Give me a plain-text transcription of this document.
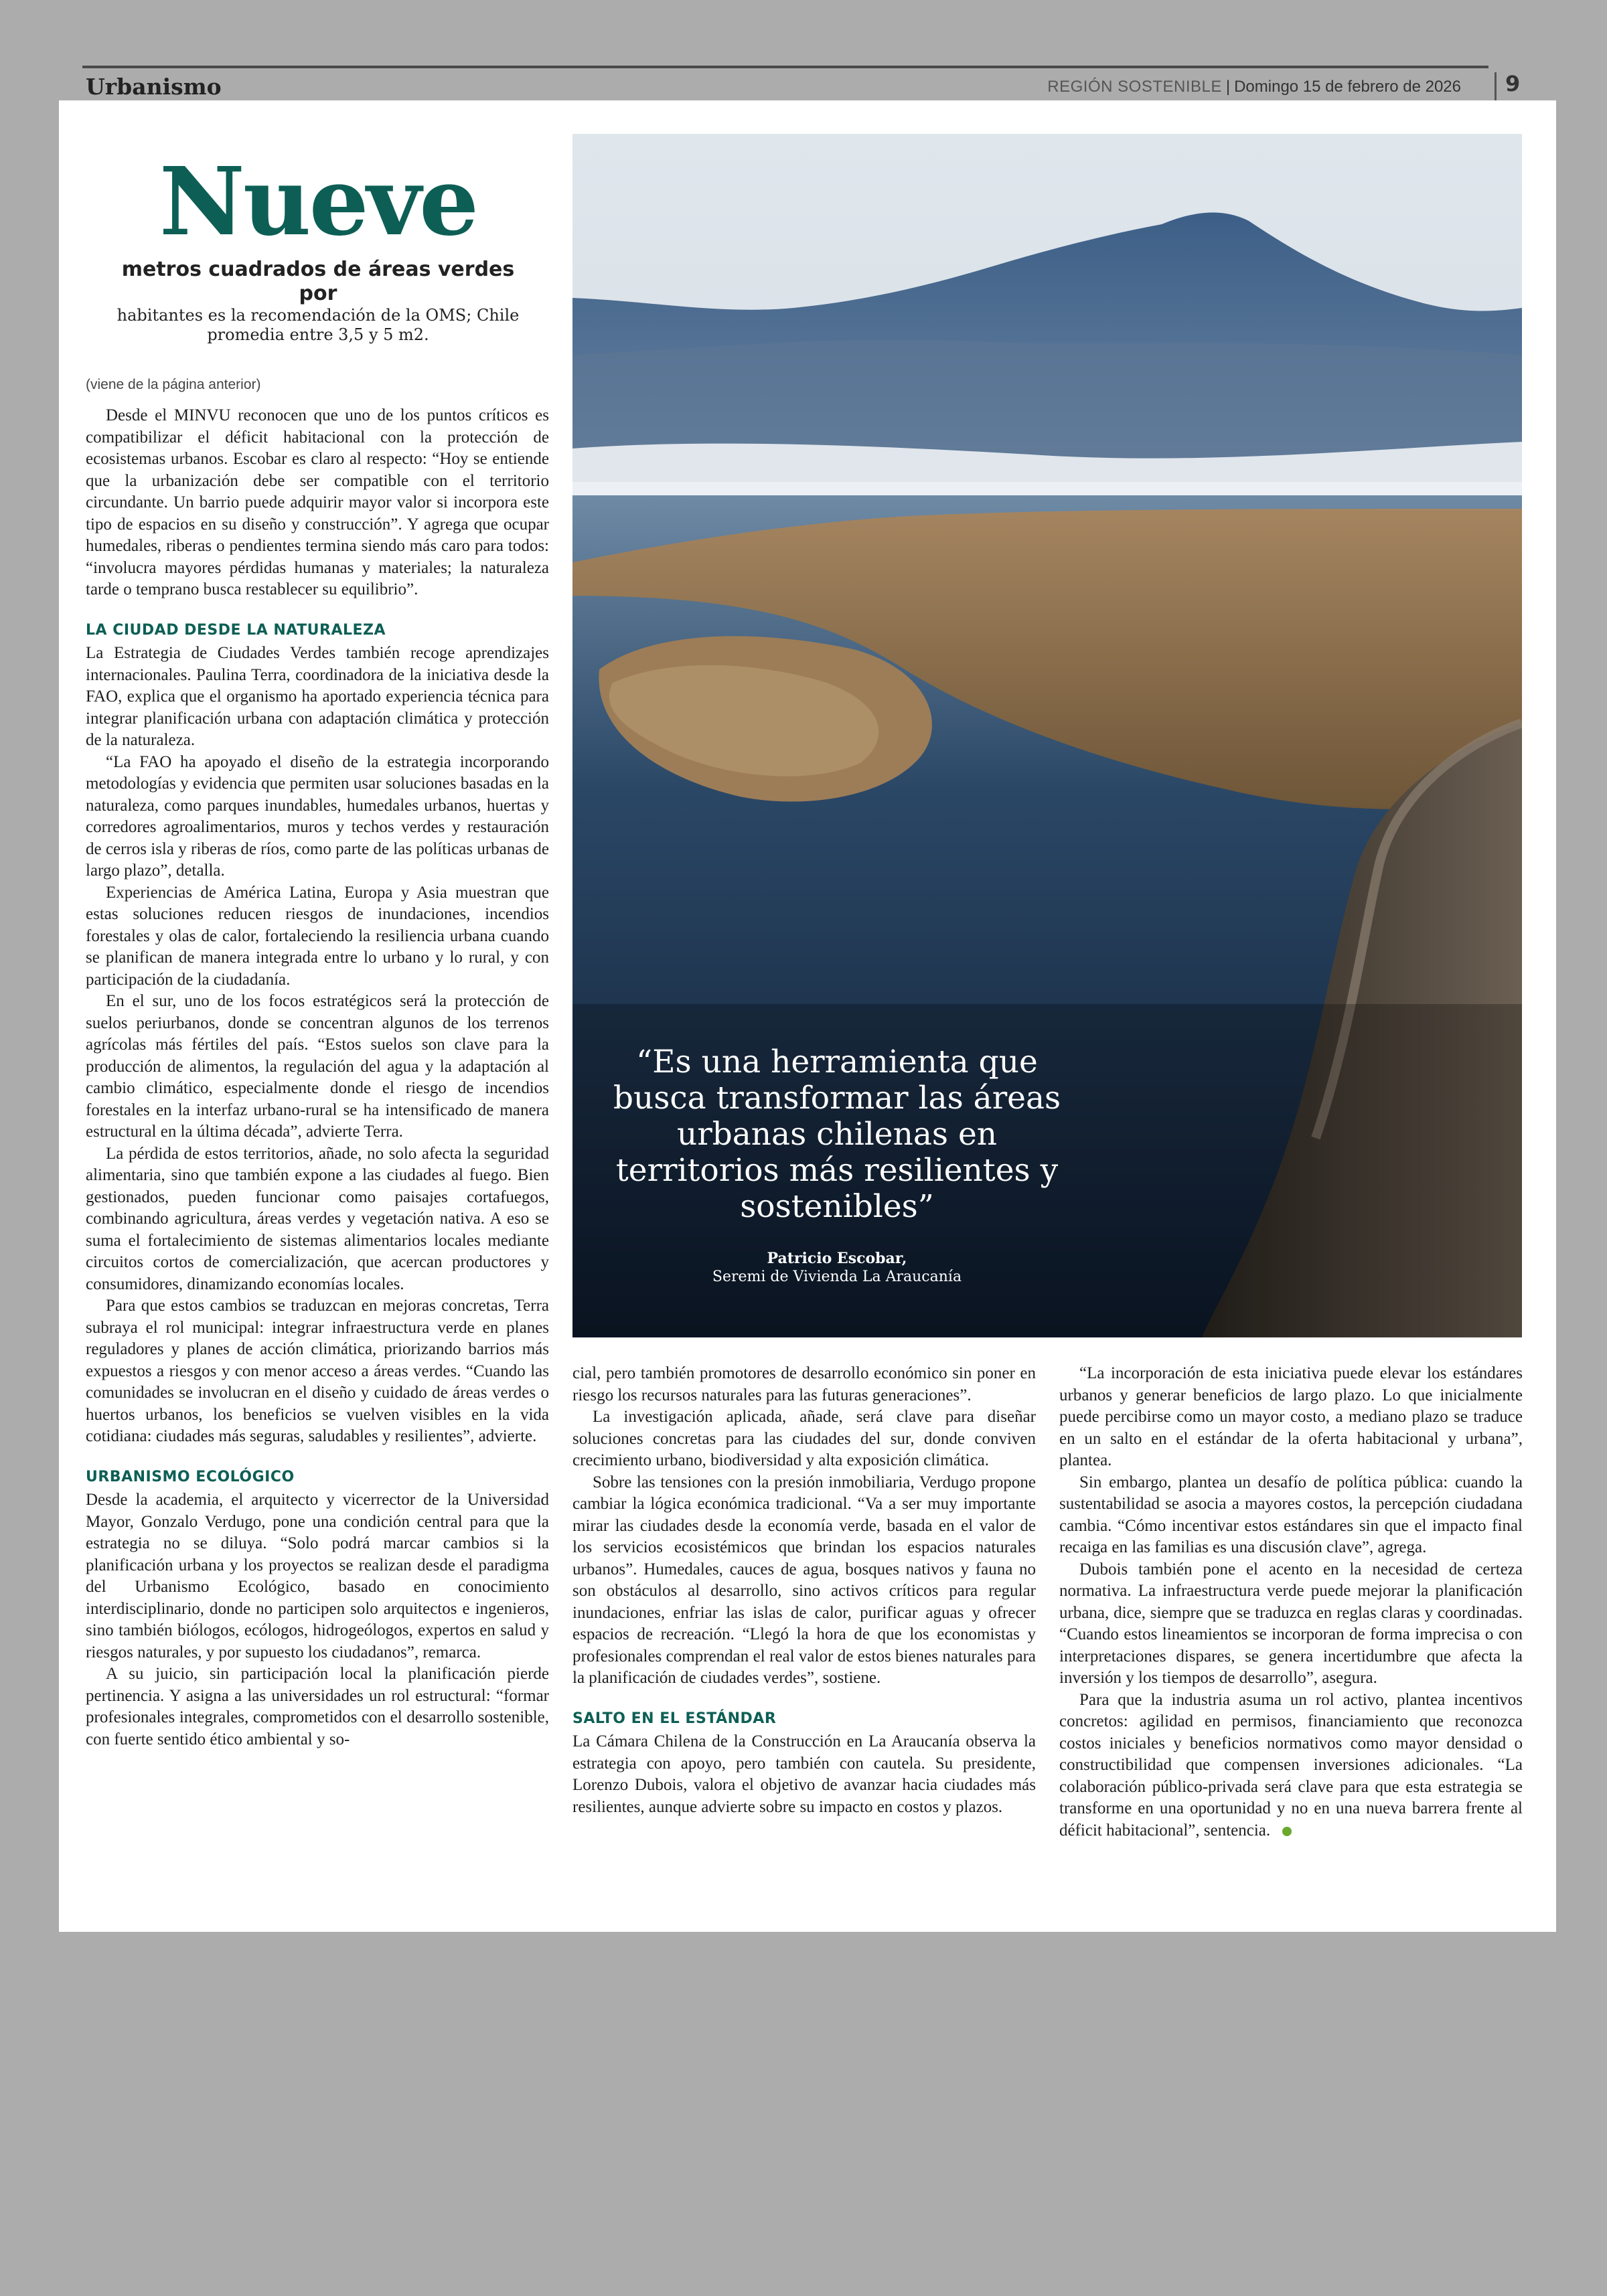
Urbanismo	REGIÓN SOSTENIBLE | Domingo 15 de febrero de 2026 9
Nueve
metros cuadrados de áreas verdes por
habitantes es la recomendación de la OMS; Chile promedia entre 3,5 y 5 m2.
(viene de la página anterior)

Desde el MINVU reconocen que uno de los puntos críticos es compatibilizar el déficit habitacional con la protección de ecosistemas urbanos. Escobar es claro al respecto: “Hoy se entiende que la urbanización debe ser compatible con el territorio circundante. Un barrio puede adquirir mayor valor si incorpora este tipo de espacios en su diseño y construcción”. Y agrega que ocupar humedales, riberas o pendientes termina siendo más caro para todos: “involucra mayores pérdidas humanas y materiales; la naturaleza tarde o temprano busca restablecer su equilibrio”.

LA CIUDAD DESDE LA NATURALEZA

La Estrategia de Ciudades Verdes también recoge aprendizajes internacionales. Paulina Terra, coordinadora de la iniciativa desde la FAO, explica que el organismo ha aportado experiencia técnica para integrar planificación urbana con adaptación climática y protección de la naturaleza.

“La FAO ha apoyado el diseño de la estrategia incorporando metodologías y evidencia que permiten usar soluciones basadas en la naturaleza, como parques inundables, humedales urbanos, huertas y corredores agroalimentarios, muros y techos verdes y restauración de cerros isla y riberas de ríos, como parte de las políticas urbanas de largo plazo”, detalla.

Experiencias de América Latina, Europa y Asia muestran que estas soluciones reducen riesgos de inundaciones, incendios forestales y olas de calor, fortaleciendo la resiliencia urbana cuando se planifican de manera integrada entre lo urbano y lo rural, y con participación de la ciudadanía.

En el sur, uno de los focos estratégicos será la protección de suelos periurbanos, donde se concentran algunos de los terrenos agrícolas más fértiles del país. “Estos suelos son clave para la producción de alimentos, la regulación del agua y la adaptación al cambio climático, especialmente donde el riesgo de incendios forestales en la interfaz urbano-rural se ha intensificado de manera estructural en la última década”, advierte Terra.

La pérdida de estos territorios, añade, no solo afecta la seguridad alimentaria, sino que también expone a las ciudades al fuego. Bien gestionados, pueden funcionar como paisajes cortafuegos, combinando agricultura, áreas verdes y vegetación nativa. A eso se suma el fortalecimiento de sistemas alimentarios locales mediante circuitos cortos de comercialización, que acercan productores y consumidores, dinamizando economías locales.

Para que estos cambios se traduzcan en mejoras concretas, Terra subraya el rol municipal: integrar infraestructura verde en planes reguladores y planes de acción climática, priorizando barrios más expuestos a riesgos y con menor acceso a áreas verdes. “Cuando las comunidades se involucran en el diseño y cuidado de áreas verdes o huertos urbanos, los beneficios se vuelven visibles en la vida cotidiana: ciudades más seguras, saludables y resilientes”, advierte.

URBANISMO ECOLÓGICO

Desde la academia, el arquitecto y vicerrector de la Universidad Mayor, Gonzalo Verdugo, pone una condición central para que la estrategia no se diluya. “Solo podrá marcar cambios si la planificación urbana y los proyectos se realizan desde el paradigma del Urbanismo Ecológico, basado en conocimiento interdisciplinario, donde no participen solo arquitectos e ingenieros, sino también biólogos, ecólogos, hidrogeólogos, expertos en salud y riesgos naturales, y por supuesto los ciudadanos”, remarca.

A su juicio, sin participación local la planificación pierde pertinencia. Y asigna a las universidades un rol estructural: “formar profesionales integrales, comprometidos con el desarrollo sostenible, con fuerte sentido ético ambiental y so-

“Es una herramienta que busca transformar las áreas urbanas chilenas en territorios más resilientes y sostenibles”
Patricio Escobar,
Seremi de Vivienda La Araucanía

cial, pero también promotores de desarrollo económico sin poner en riesgo los recursos naturales para las futuras generaciones”.

La investigación aplicada, añade, será clave para diseñar soluciones concretas para las ciudades del sur, donde conviven crecimiento urbano, biodiversidad y alta exposición climática.

Sobre las tensiones con la presión inmobiliaria, Verdugo propone cambiar la lógica económica tradicional. “Va a ser muy importante mirar las ciudades desde la economía verde, basada en el valor de los servicios ecosistémicos que brindan los espacios naturales urbanos”. Humedales, cauces de agua, bosques nativos y fauna no son obstáculos al desarrollo, sino activos críticos para regular inundaciones, enfriar las islas de calor, purificar aguas y ofrecer espacios de recreación. “Llegó la hora de que los economistas y profesionales comprendan el real valor de estos bienes naturales para la planificación de ciudades verdes”, sostiene.

SALTO EN EL ESTÁNDAR

La Cámara Chilena de la Construcción en La Araucanía observa la estrategia con apoyo, pero también con cautela. Su presidente, Lorenzo Dubois, valora el objetivo de avanzar hacia ciudades más resilientes, aunque advierte sobre su impacto en costos y plazos.

“La incorporación de esta iniciativa puede elevar los estándares urbanos y generar beneficios de largo plazo. Lo que inicialmente puede percibirse como un mayor costo, a mediano plazo se traduce en un salto en el estándar de la oferta habitacional y urbana”, plantea.

Sin embargo, plantea un desafío de política pública: cuando la sustentabilidad se asocia a mayores costos, la percepción ciudadana cambia. “Cómo incentivar estos estándares sin que el impacto final recaiga en las familias es una discusión clave”, agrega.

Dubois también pone el acento en la necesidad de certeza normativa. La infraestructura verde puede mejorar la planificación urbana, dice, siempre que se traduzca en reglas claras y coordinadas. “Cuando estos lineamientos se incorporan de forma imprecisa o con interpretaciones dispares, se genera incertidumbre que afecta la inversión y los tiempos de desarrollo”, asegura.

Para que la industria asuma un rol activo, plantea incentivos concretos: agilidad en permisos, financiamiento que reconozca costos iniciales y beneficios normativos como mayor densidad o constructibilidad que compensen inversiones adicionales. “La colaboración público-privada será clave para que esta estrategia se transforme en una oportunidad y no en una nueva barrera frente al déficit habitacional”, sentencia.
